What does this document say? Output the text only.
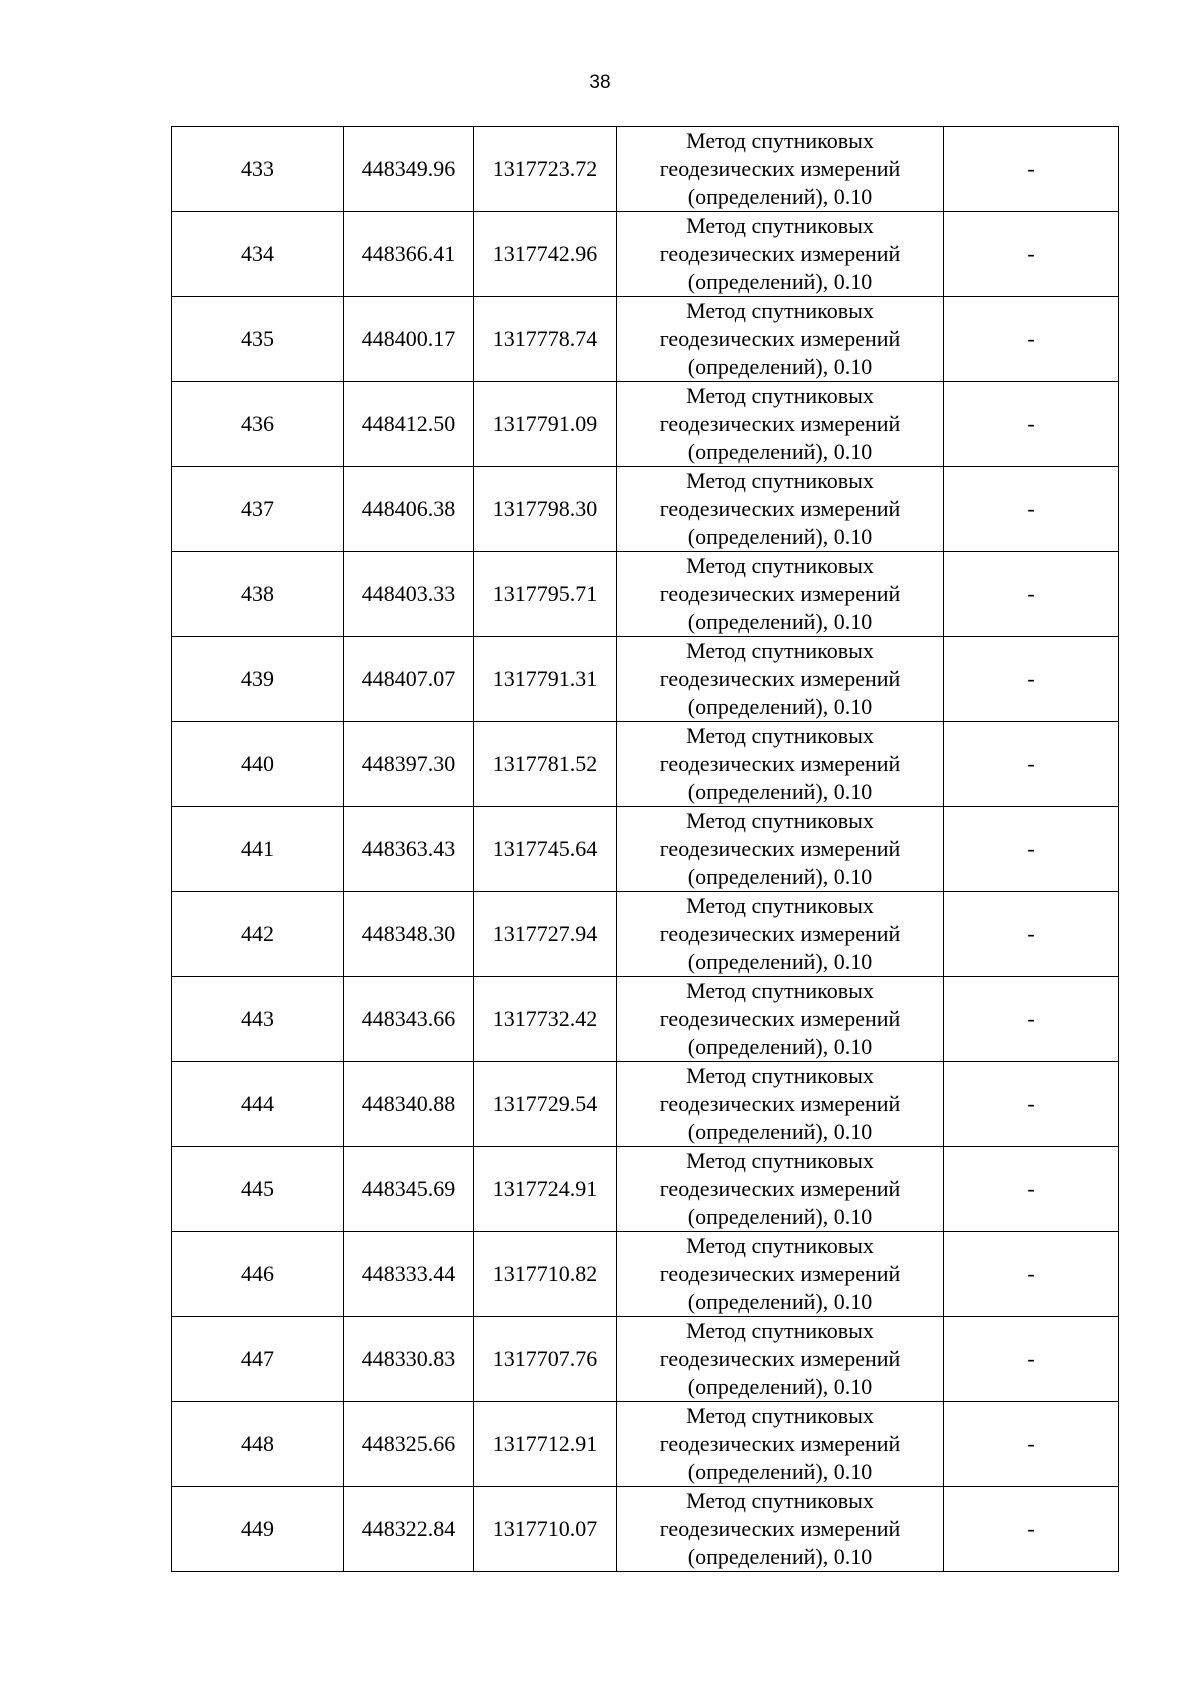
38
433	448349.96	1317723.72	Метод спутниковых
геодезических измерений
(определений), 0.10	-
434	448366.41	1317742.96	Метод спутниковых
геодезических измерений
(определений), 0.10	-
435	448400.17	1317778.74	Метод спутниковых
геодезических измерений
(определений), 0.10	-
436	448412.50	1317791.09	Метод спутниковых
геодезических измерений
(определений), 0.10	-
437	448406.38	1317798.30	Метод спутниковых
геодезических измерений
(определений), 0.10	-
438	448403.33	1317795.71	Метод спутниковых
геодезических измерений
(определений), 0.10	-
439	448407.07	1317791.31	Метод спутниковых
геодезических измерений
(определений), 0.10	-
440	448397.30	1317781.52	Метод спутниковых
геодезических измерений
(определений), 0.10	-
441	448363.43	1317745.64	Метод спутниковых
геодезических измерений
(определений), 0.10	-
442	448348.30	1317727.94	Метод спутниковых
геодезических измерений
(определений), 0.10	-
443	448343.66	1317732.42	Метод спутниковых
геодезических измерений
(определений), 0.10	-
444	448340.88	1317729.54	Метод спутниковых
геодезических измерений
(определений), 0.10	-
445	448345.69	1317724.91	Метод спутниковых
геодезических измерений
(определений), 0.10	-
446	448333.44	1317710.82	Метод спутниковых
геодезических измерений
(определений), 0.10	-
447	448330.83	1317707.76	Метод спутниковых
геодезических измерений
(определений), 0.10	-
448	448325.66	1317712.91	Метод спутниковых
геодезических измерений
(определений), 0.10	-
449	448322.84	1317710.07	Метод спутниковых
геодезических измерений
(определений), 0.10	-
